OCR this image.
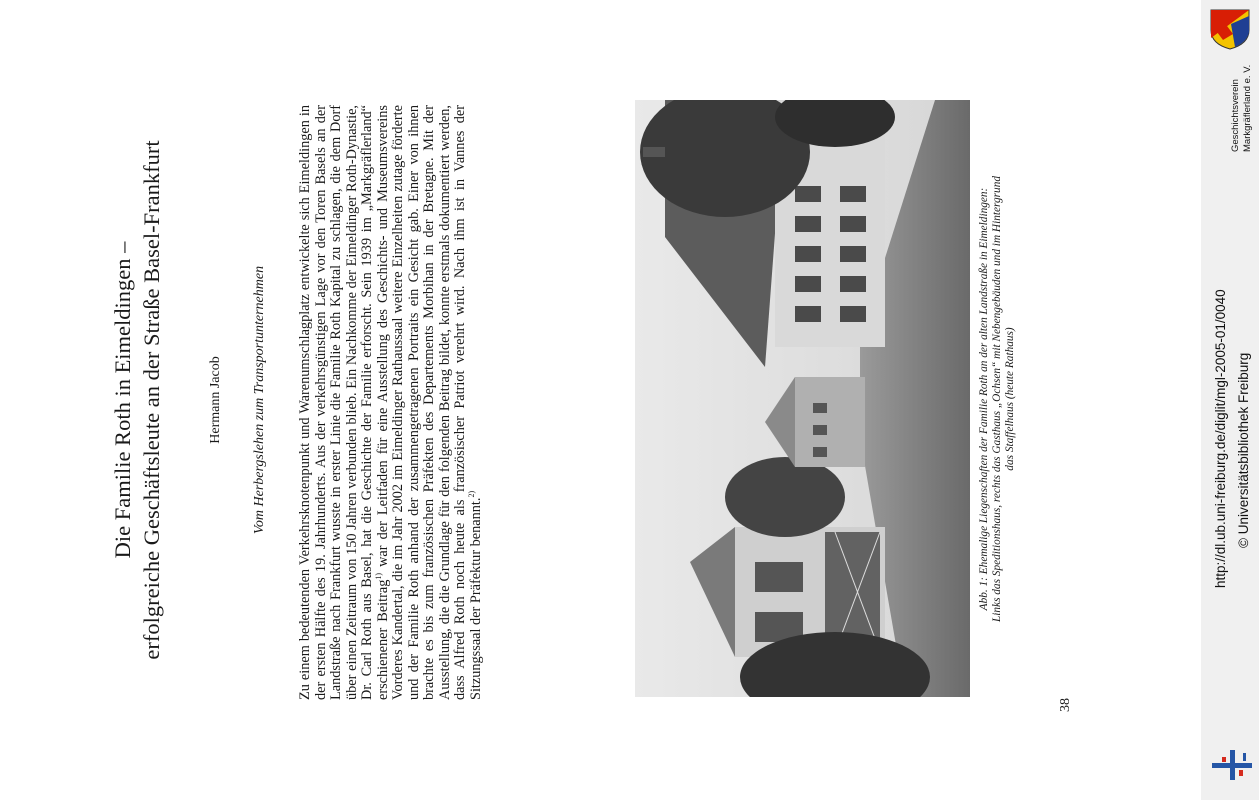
Die Familie Roth in Eimeldingen – erfolgreiche Geschäftsleute an der Straße Basel-Frankfurt	Hermann Jacob Vom Herbergslehen zum Transportunternehmen Zu einem bedeutenden Verkehrsknotenpunkt und Warenumschlagplatz entwickelte sich Eimeldingen in der ersten Hälfte des 19. Jahrhunderts. Aus der verkehrsgünstigen Lage vor den Toren Basels an der Landstraße nach Frankfurt wusste in erster Linie die Familie Roth Kapital zu schlagen, die dem Dorf über einen Zeitraum von 150 Jahren verbunden blieb. Ein Nachkomme der Eimeldinger Roth-Dynastie, Dr. Carl Roth aus Basel, hat die Geschichte der Familie erforscht. Sein 1939 im „Markgräflerland“ erschienener Beitrag$^{1)}$ war der Leitfaden für eine Ausstellung des Geschichts- und Museumsvereins Vorderes Kandertal, die im Jahr 2002 im Eimeldinger Rathaussaal weitere Einzelheiten zutage förderte und der Familie Roth anhand der zusammengetragenen Portraits ein Gesicht gab. Einer von ihnen brachte es bis zum französischen Präfekten des Departements Morbihan in der Bretagne. Mit der Ausstellung, die die Grundlage für den folgenden Beitrag bildet, konnte erstmals dokumentiert werden, dass Alfred Roth noch heute als französischer Patriot verehrt wird. Nach ihm ist in Vannes der Sitzungssaal der Präfektur benannt.$^{2)}$	Abb. 1: Ehemalige Liegenschaften der Familie Roth an der alten Landstraße in Eimeldingen: Links das Speditionshaus, rechts das Gasthaus „Ochsen“ mit Nebengebäuden und im Hintergrund das Staffelhaus (heute Rathaus)
38
Geschichtsverein Markgräflerland e. V.
http://dl.ub.uni-freiburg.de/diglit/mgl-2005-01/0040 © Universitätsbibliothek Freiburg
